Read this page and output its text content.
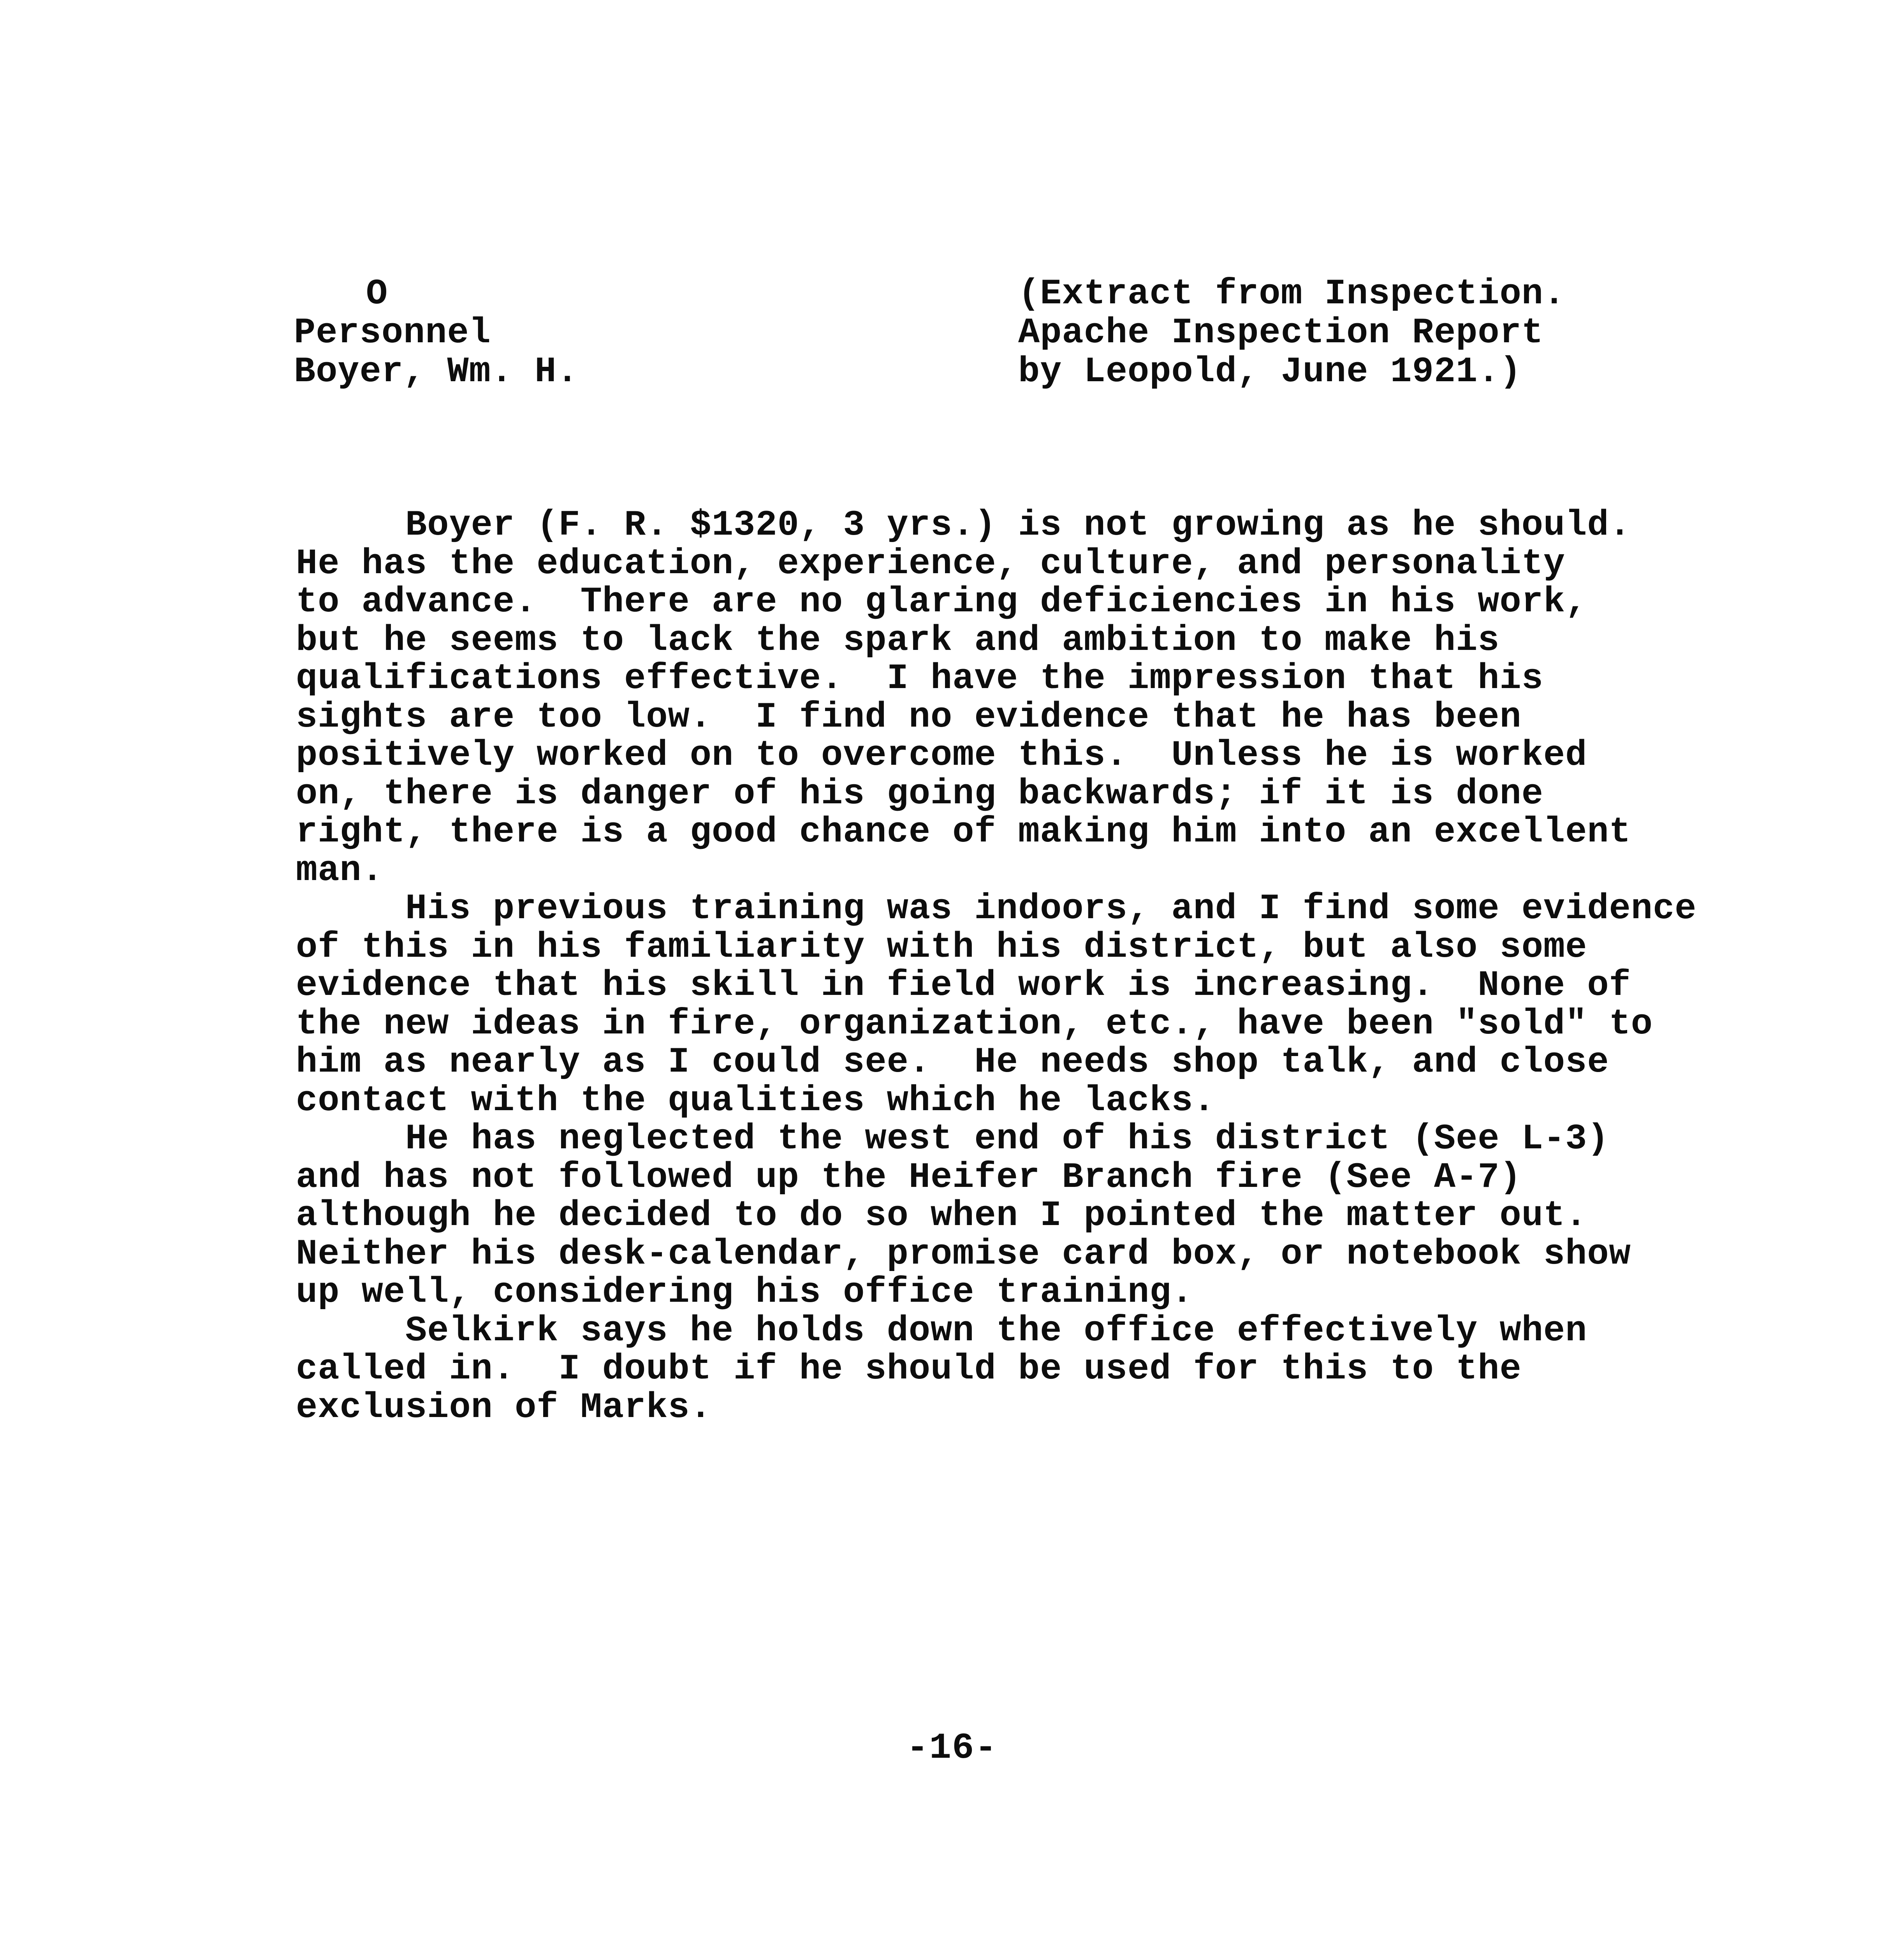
O
Personnel
Boyer, Wm. H.
(Extract from Inspection.
Apache Inspection Report
by Leopold, June 1921.)
Boyer (F. R. $1320, 3 yrs.) is not growing as he should.
He has the education, experience, culture, and personality
to advance.  There are no glaring deficiencies in his work,
but he seems to lack the spark and ambition to make his
qualifications effective.  I have the impression that his
sights are too low.  I find no evidence that he has been
positively worked on to overcome this.  Unless he is worked
on, there is danger of his going backwards; if it is done
right, there is a good chance of making him into an excellent
man.
His previous training was indoors, and I find some evidence
of this in his familiarity with his district, but also some
evidence that his skill in field work is increasing.  None of
the new ideas in fire, organization, etc., have been "sold" to
him as nearly as I could see.  He needs shop talk, and close
contact with the qualities which he lacks.
He has neglected the west end of his district (See L-3)
and has not followed up the Heifer Branch fire (See A-7)
although he decided to do so when I pointed the matter out.
Neither his desk-calendar, promise card box, or notebook show
up well, considering his office training.
Selkirk says he holds down the office effectively when
called in.  I doubt if he should be used for this to the
exclusion of Marks.
-16-
